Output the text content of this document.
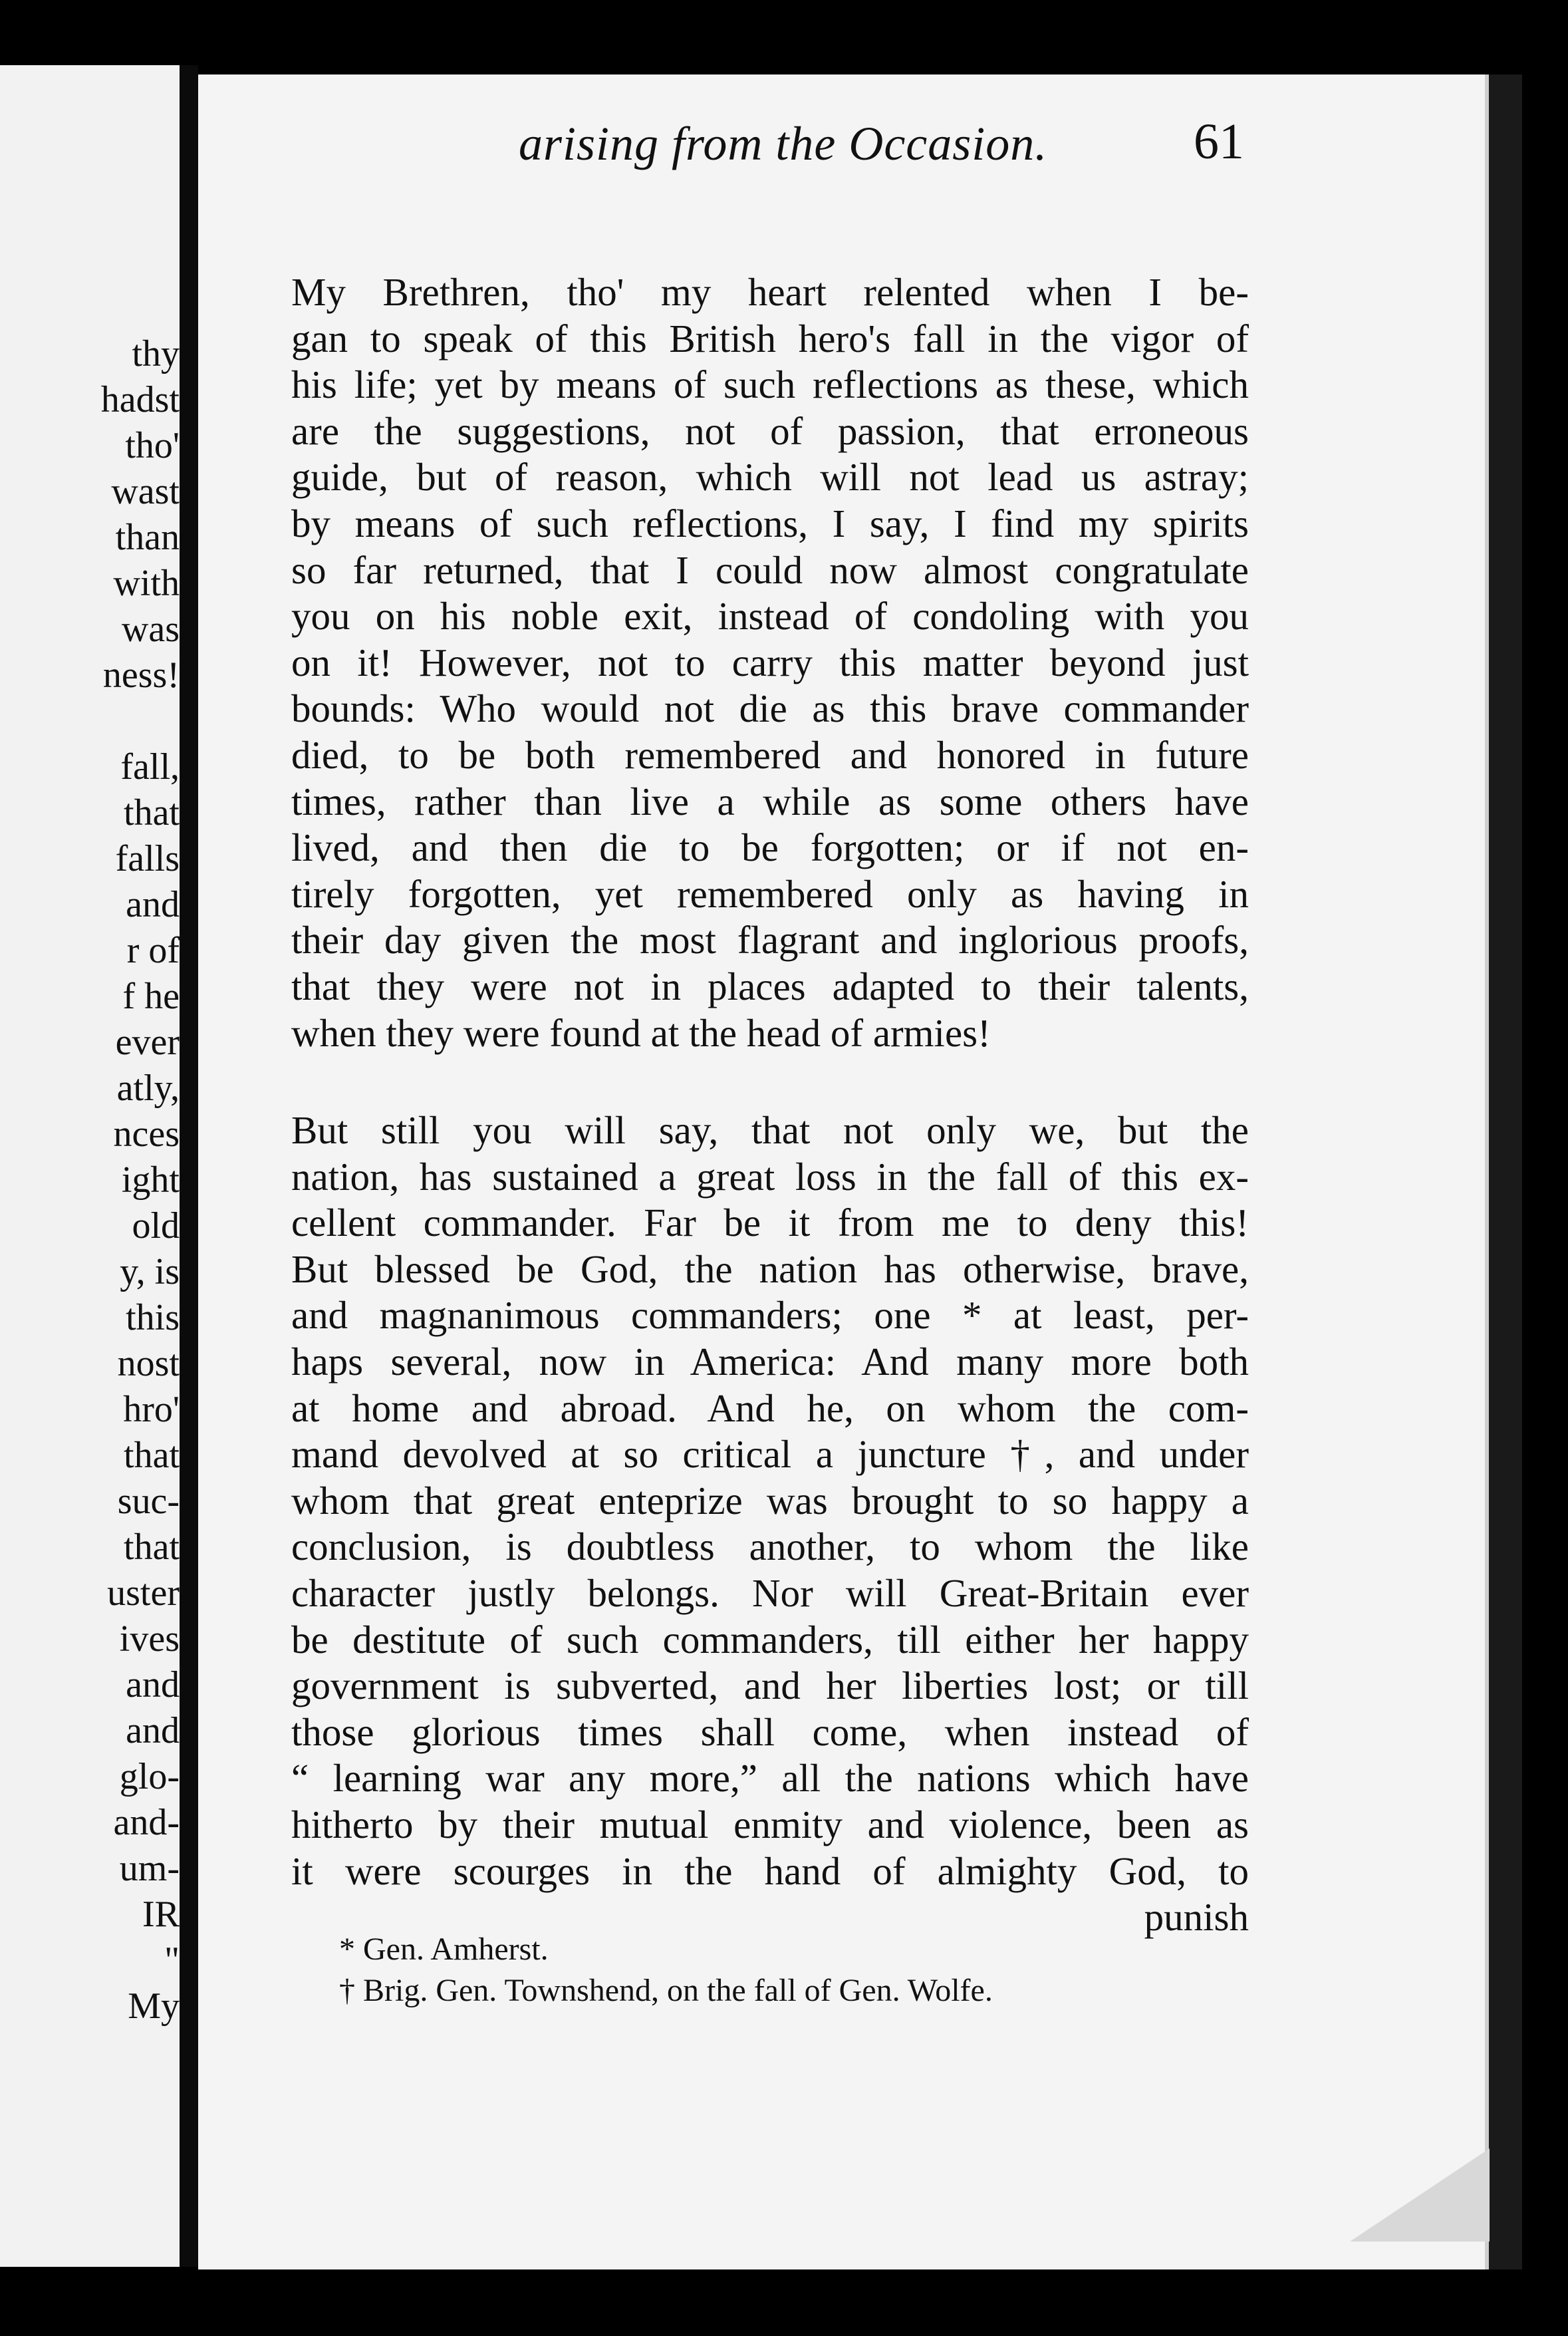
thy
hadst
tho'
wast
than
with
was
ness!
fall,
that
falls
and
r of
f he
ever
atly,
nces
ight
old
y, is
this
nost
hro'
that
suc-
that
uster
ives
and
and
glo-
and-
um-
IR
"
My
arising from the Occasion.	61
My Brethren, tho' my heart relented when I be-
gan to speak of this British hero's fall in the vigor of
his life; yet by means of such reflections as these, which
are the suggestions, not of passion, that erroneous
guide, but of reason, which will not lead us astray;
by means of such reflections, I say, I find my spirits
so far returned, that I could now almost congratulate
you on his noble exit, instead of condoling with you
on it! However, not to carry this matter beyond just
bounds: Who would not die as this brave commander
died, to be both remembered and honored in future
times, rather than live a while as some others have
lived, and then die to be forgotten; or if not en-
tirely forgotten, yet remembered only as having in
their day given the most flagrant and inglorious proofs,
that they were not in places adapted to their talents,
when they were found at the head of armies!
But still you will say, that not only we, but the
nation, has sustained a great loss in the fall of this ex-
cellent commander. Far be it from me to deny this!
But blessed be God, the nation has otherwise, brave,
and magnanimous commanders; one * at least, per-
haps several, now in America: And many more both
at home and abroad. And he, on whom the com-
mand devolved at so critical a juncture †, and under
whom that great enteprize was brought to so happy a
conclusion, is doubtless another, to whom the like
character justly belongs. Nor will Great-Britain ever
be destitute of such commanders, till either her happy
government is subverted, and her liberties lost; or till
those glorious times shall come, when instead of
“ learning war any more,” all the nations which have
hitherto by their mutual enmity and violence, been as
it were scourges in the hand of almighty God, to
punish
* Gen. Amherst.
† Brig. Gen. Townshend, on the fall of Gen. Wolfe.
